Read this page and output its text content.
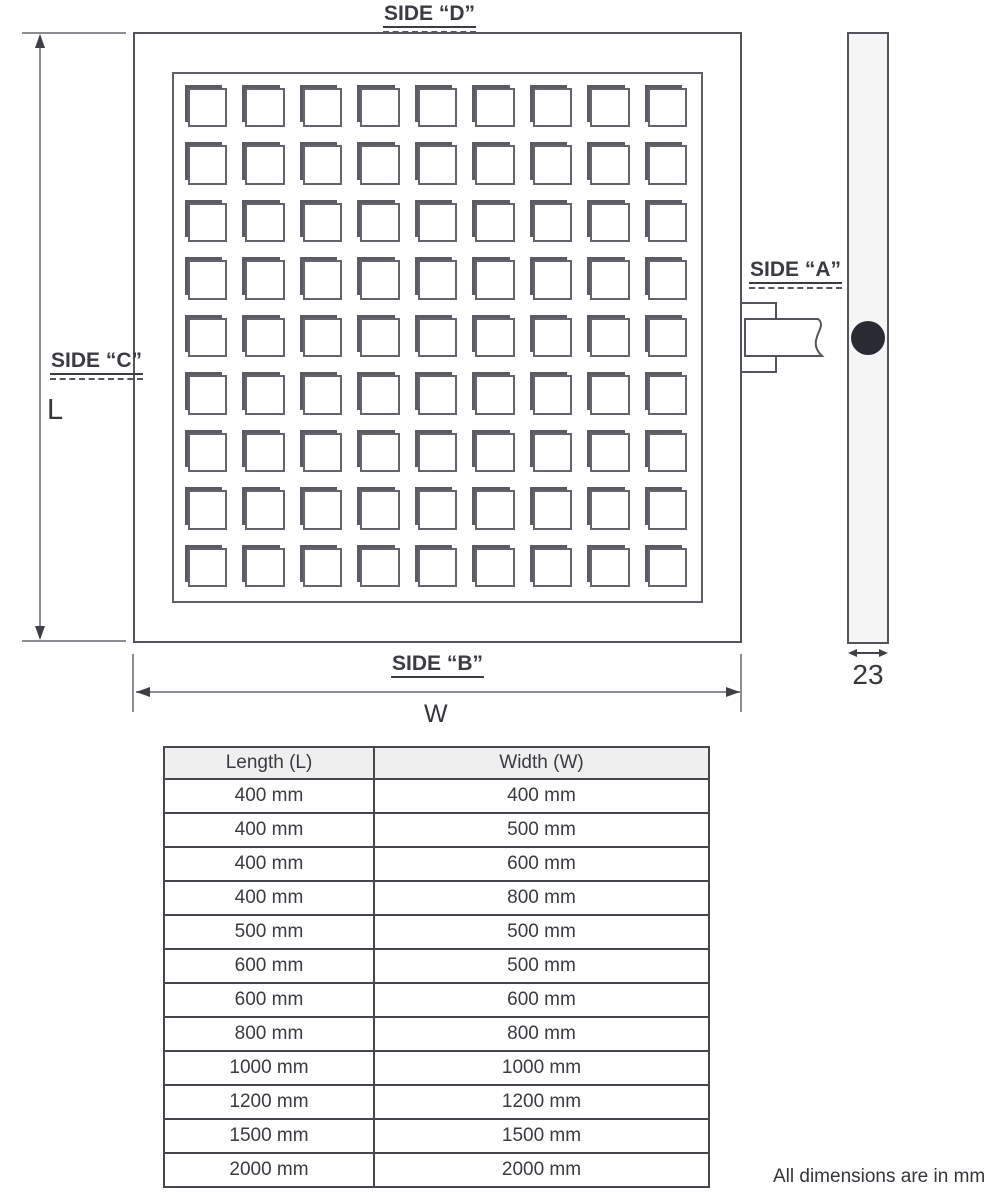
SIDE “D”
SIDE “A”
SIDE “C”
L
SIDE “B”
W
23
Length (L)	Width (W)
400 mm	400 mm
400 mm	500 mm
400 mm	600 mm
400 mm	800 mm
500 mm	500 mm
600 mm	500 mm
600 mm	600 mm
800 mm	800 mm
1000 mm	1000 mm
1200 mm	1200 mm
1500 mm	1500 mm
2000 mm	2000 mm	All dimensions are in mm
